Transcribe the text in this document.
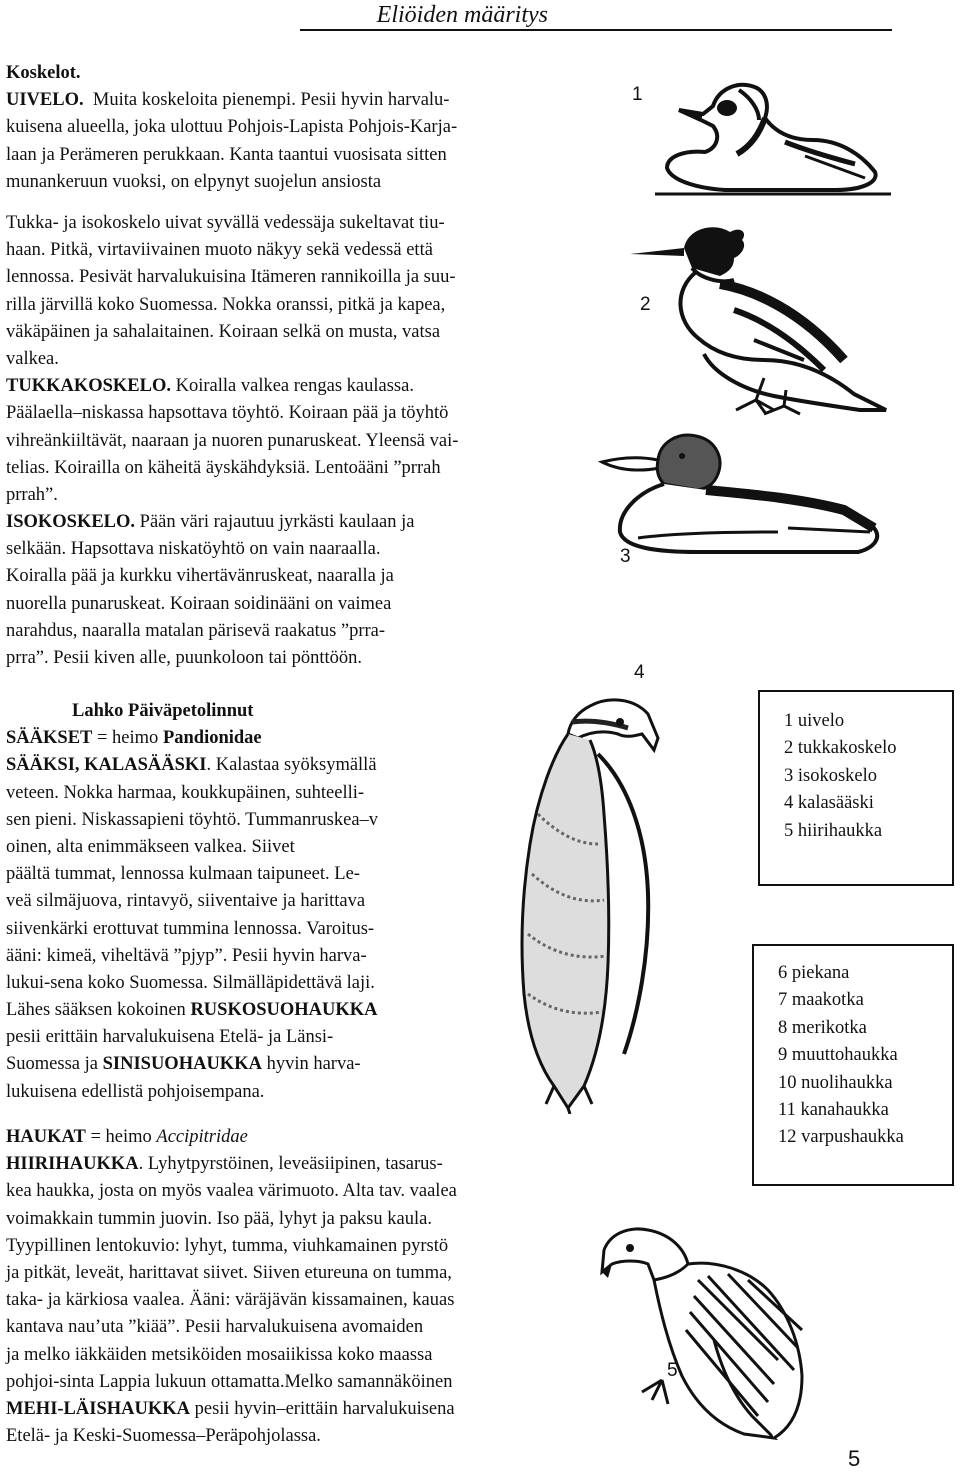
Eliöiden määritys
Koskelot.
UIVELO. Muita koskeloita pienempi. Pesii hyvin harvalu-
kuisena alueella, joka ulottuu Pohjois-Lapista Pohjois-Karja-
laan ja Perämeren perukkaan. Kanta taantui vuosisata sitten
munankeruun vuoksi, on elpynyt suojelun ansiosta
Tukka- ja isokoskelo uivat syvällä vedessäja sukeltavat tiu-
haan. Pitkä, virtaviivainen muoto näkyy sekä vedessä että
lennossa. Pesivät harvalukuisina Itämeren rannikoilla ja suu-
rilla järvillä koko Suomessa. Nokka oranssi, pitkä ja kapea,
väkäpäinen ja sahalaitainen. Koiraan selkä on musta, vatsa
valkea.
TUKKAKOSKELO. Koiralla valkea rengas kaulassa.
Päälaella–niskassa hapsottava töyhtö. Koiraan pää ja töyhtö
vihreänkiiltävät, naaraan ja nuoren punaruskeat. Yleensä vai-
telias. Koirailla on käheitä äyskähdyksiä. Lentoääni ”prrah
prrah”.
ISOKOSKELO. Pään väri rajautuu jyrkästi kaulaan ja
selkään. Hapsottava niskatöyhtö on vain naaraalla.
Koiralla pää ja kurkku vihertävänruskeat, naaralla ja
nuorella punaruskeat. Koiraan soidinääni on vaimea
narahdus, naaralla matalan pärisevä raakatus ”prra-
prra”. Pesii kiven alle, puunkoloon tai pönttöön.
Lahko Päiväpetolinnut
SÄÄKSET = heimo Pandionidae
SÄÄKSI, KALASÄÄSKI. Kalastaa syöksymällä
veteen. Nokka harmaa, koukkupäinen, suhteelli-
sen pieni. Niskassapieni töyhtö. Tummanruskea–v
oinen, alta enimmäkseen valkea. Siivet
päältä tummat, lennossa kulmaan taipuneet. Le-
veä silmäjuova, rintavyö, siiventaive ja harittava
siivenkärki erottuvat tummina lennossa. Varoitus-
ääni: kimeä, viheltävä ”pjyp”. Pesii hyvin harva-
lukui-sena koko Suomessa. Silmälläpidettävä laji.
Lähes sääksen kokoinen RUSKOSUOHAUKKA
pesii erittäin harvalukuisena Etelä- ja Länsi-
Suomessa ja SINISUOHAUKKA hyvin harva-
lukuisena edellistä pohjoisempana.
HAUKAT = heimo Accipitridae
HIIRIHAUKKA. Lyhytpyrstöinen, leveäsiipinen, tasarus-
kea haukka, josta on myös vaalea värimuoto. Alta tav. vaalea
voimakkain tummin juovin. Iso pää, lyhyt ja paksu kaula.
Tyypillinen lentokuvio: lyhyt, tumma, viuhkamainen pyrstö
ja pitkät, leveät, harittavat siivet. Siiven etureuna on tumma,
taka- ja kärkiosa vaalea. Ääni: väräjävän kissamainen, kauas
kantava nau’uta ”kiää”. Pesii harvalukuisena avomaiden
ja melko iäkkäiden metsiköiden mosaiikissa koko maassa
pohjoi-sinta Lappia lukuun ottamatta.Melko samannäköinen
MEHI-LÄISHAUKKA pesii hyvin–erittäin harvalukuisena
Etelä- ja Keski-Suomessa–Peräpohjolassa.
1
2
3
4
5
1 uivelo
2 tukkakoskelo
3 isokoskelo
4 kalasääski
5 hiirihaukka
6 piekana
7 maakotka
8 merikotka
9 muuttohaukka
10 nuolihaukka
11 kanahaukka
12 varpushaukka
5
